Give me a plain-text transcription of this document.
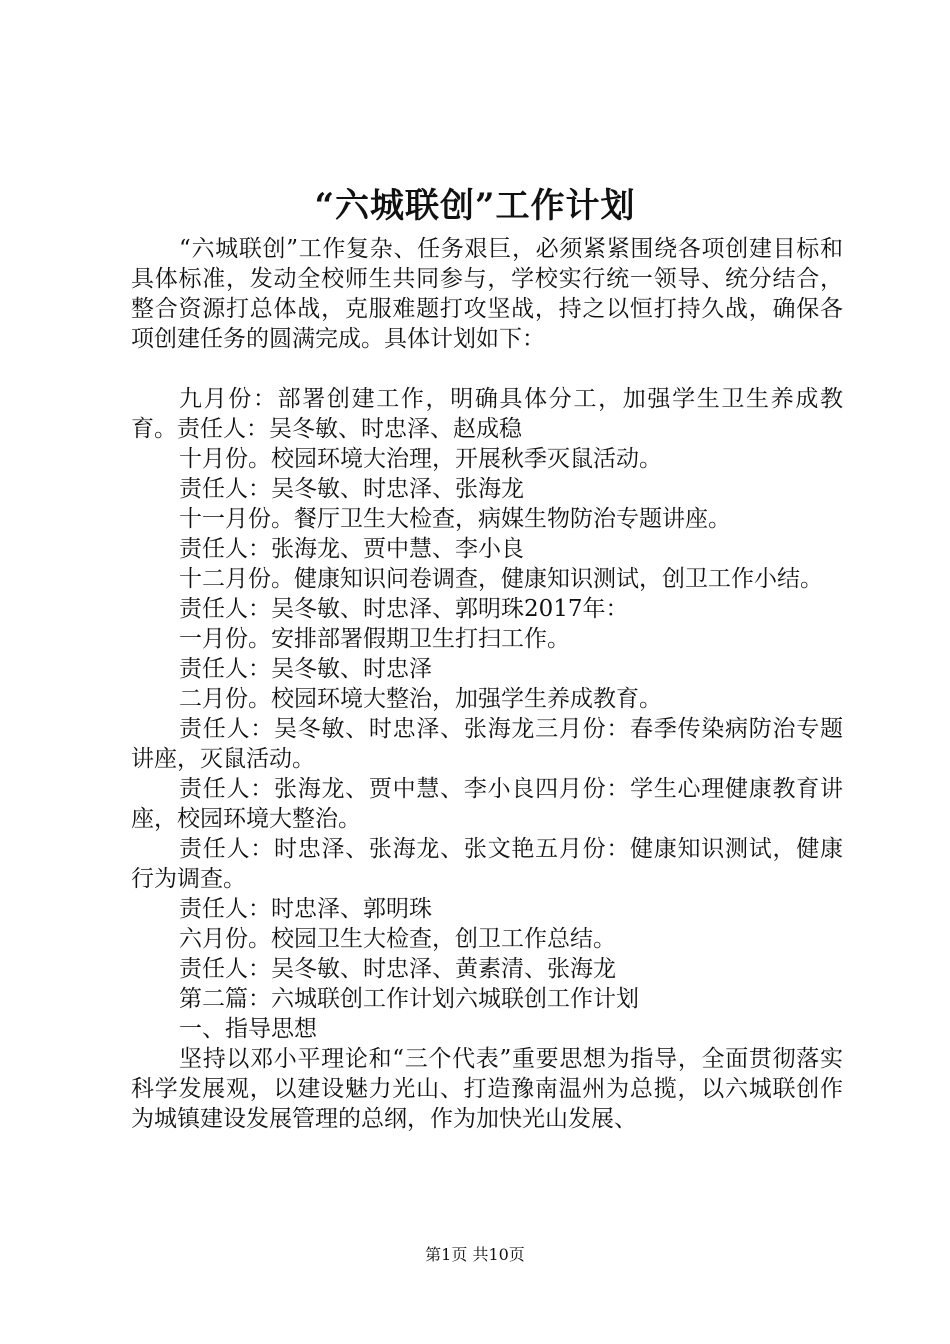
“六城联创”工作计划

“六城联创”工作复杂、任务艰巨，必须紧紧围绕各项创建目标和具体标准，发动全校师生共同参与，学校实行统一领导、统分结合，整合资源打总体战，克服难题打攻坚战，持之以恒打持久战，确保各项创建任务的圆满完成。具体计划如下：

九月份：部署创建工作，明确具体分工，加强学生卫生养成教育。责任人：吴冬敏、时忠泽、赵成稳

十月份。校园环境大治理，开展秋季灭鼠活动。

责任人：吴冬敏、时忠泽、张海龙

十一月份。餐厅卫生大检查，病媒生物防治专题讲座。

责任人：张海龙、贾中慧、李小良

十二月份。健康知识问卷调查，健康知识测试，创卫工作小结。

责任人：吴冬敏、时忠泽、郭明珠2017年：

一月份。安排部署假期卫生打扫工作。

责任人：吴冬敏、时忠泽

二月份。校园环境大整治，加强学生养成教育。

责任人：吴冬敏、时忠泽、张海龙三月份：春季传染病防治专题讲座，灭鼠活动。

责任人：张海龙、贾中慧、李小良四月份：学生心理健康教育讲座，校园环境大整治。

责任人：时忠泽、张海龙、张文艳五月份：健康知识测试，健康行为调查。

责任人：时忠泽、郭明珠

六月份。校园卫生大检查，创卫工作总结。

责任人：吴冬敏、时忠泽、黄素清、张海龙

第二篇：六城联创工作计划六城联创工作计划

一、指导思想

坚持以邓小平理论和“三个代表”重要思想为指导，全面贯彻落实科学发展观，以建设魅力光山、打造豫南温州为总揽，以六城联创作为城镇建设发展管理的总纲，作为加快光山发展、

第1页 共10页
